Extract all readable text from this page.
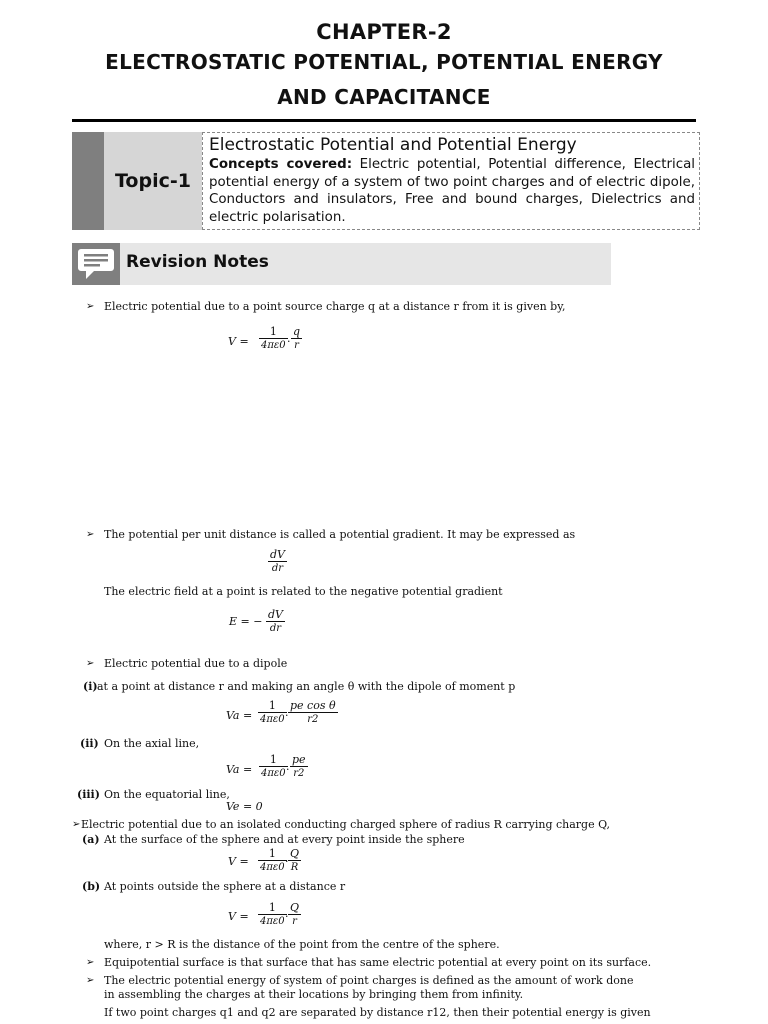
CHAPTER-2
ELECTROSTATIC POTENTIAL, POTENTIAL ENERGY
AND CAPACITANCE
Topic-1
Electrostatic Potential and Potential Energy
Concepts covered: Electric potential, Potential difference, Electrical potential energy of a system of two point charges and of electric dipole, Conductors and insulators, Free and bound charges, Dielectrics and electric polarisation.
Revision Notes
➢ Electric potential due to a point source charge q at a distance r from it is given by,
$V = \frac{1}{4\pi\varepsilon 0} \cdot \frac{q}{r}$
➢ The potential per unit distance is called a potential gradient. It may be expressed as
$\frac{dV}{dr}$
The electric field at a point is related to the negative potential gradient
E = − $\frac{dV}{dr}$
➢ Electric potential due to a dipole
(i) at a point at distance r and making an angle θ with the dipole of moment p
$Va = \frac{1}{4\pi\varepsilon 0}$
· $\frac{\text{pe cos θ}}{r2}$
(ii) On the axial line,
$Va = \frac{1}{4\pi\varepsilon 0}$
· $\frac{pe}{r2}$
(iii) On the equatorial line,
Ve = 0
➢ Electric potential due to an isolated conducting charged sphere of radius R carrying charge Q,
(a) At the surface of the sphere and at every point inside the sphere
$V = \frac{1}{4\pi\varepsilon 0}$
· $\frac{Q}{R}$
(b) At points outside the sphere at a distance r
$V = \frac{1}{4\pi\varepsilon 0}$
· $\frac{Q}{r}$
where, r > R is the distance of the point from the centre of the sphere.
➢ Equipotential surface is that surface that has same electric potential at every point on its surface.
➢ The electric potential energy of system of point charges is defined as the amount of work done
in assembling the charges at their locations by bringing them from infinity.
If two point charges q1 and q2 are separated by distance r12, then their potential energy is given
